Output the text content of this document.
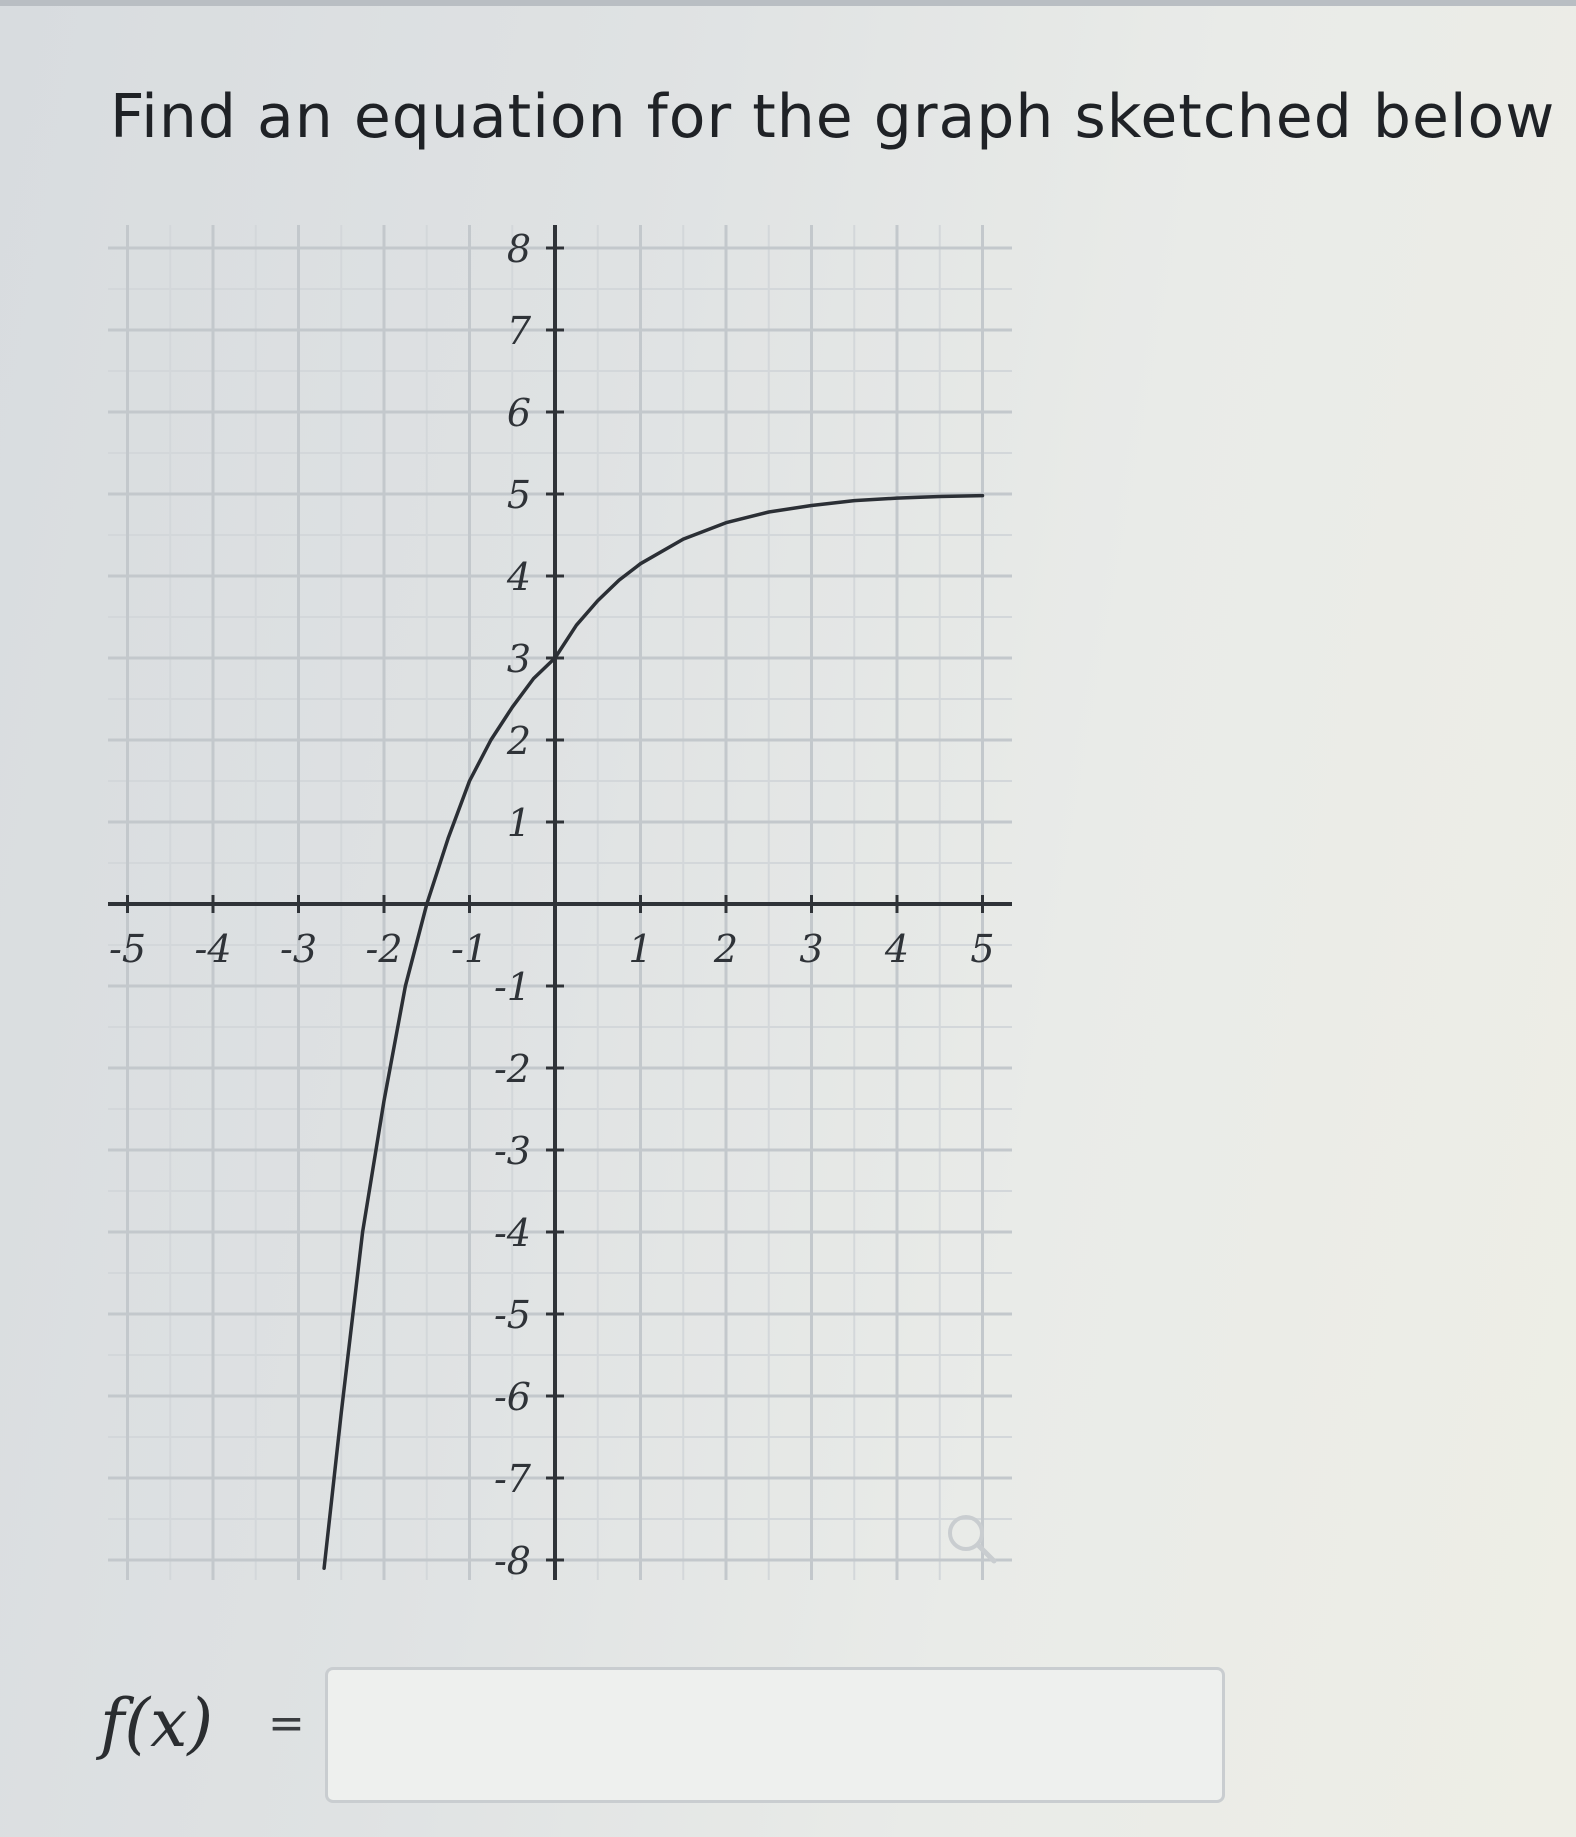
Find an equation for the graph sketched below
-5 -4 -3 -2 -1	1 2 3 4 5
8
7
6
5
4
3
2
1
-1
-2
-3
-4
-5
-6
-7
-8
f(x) =
